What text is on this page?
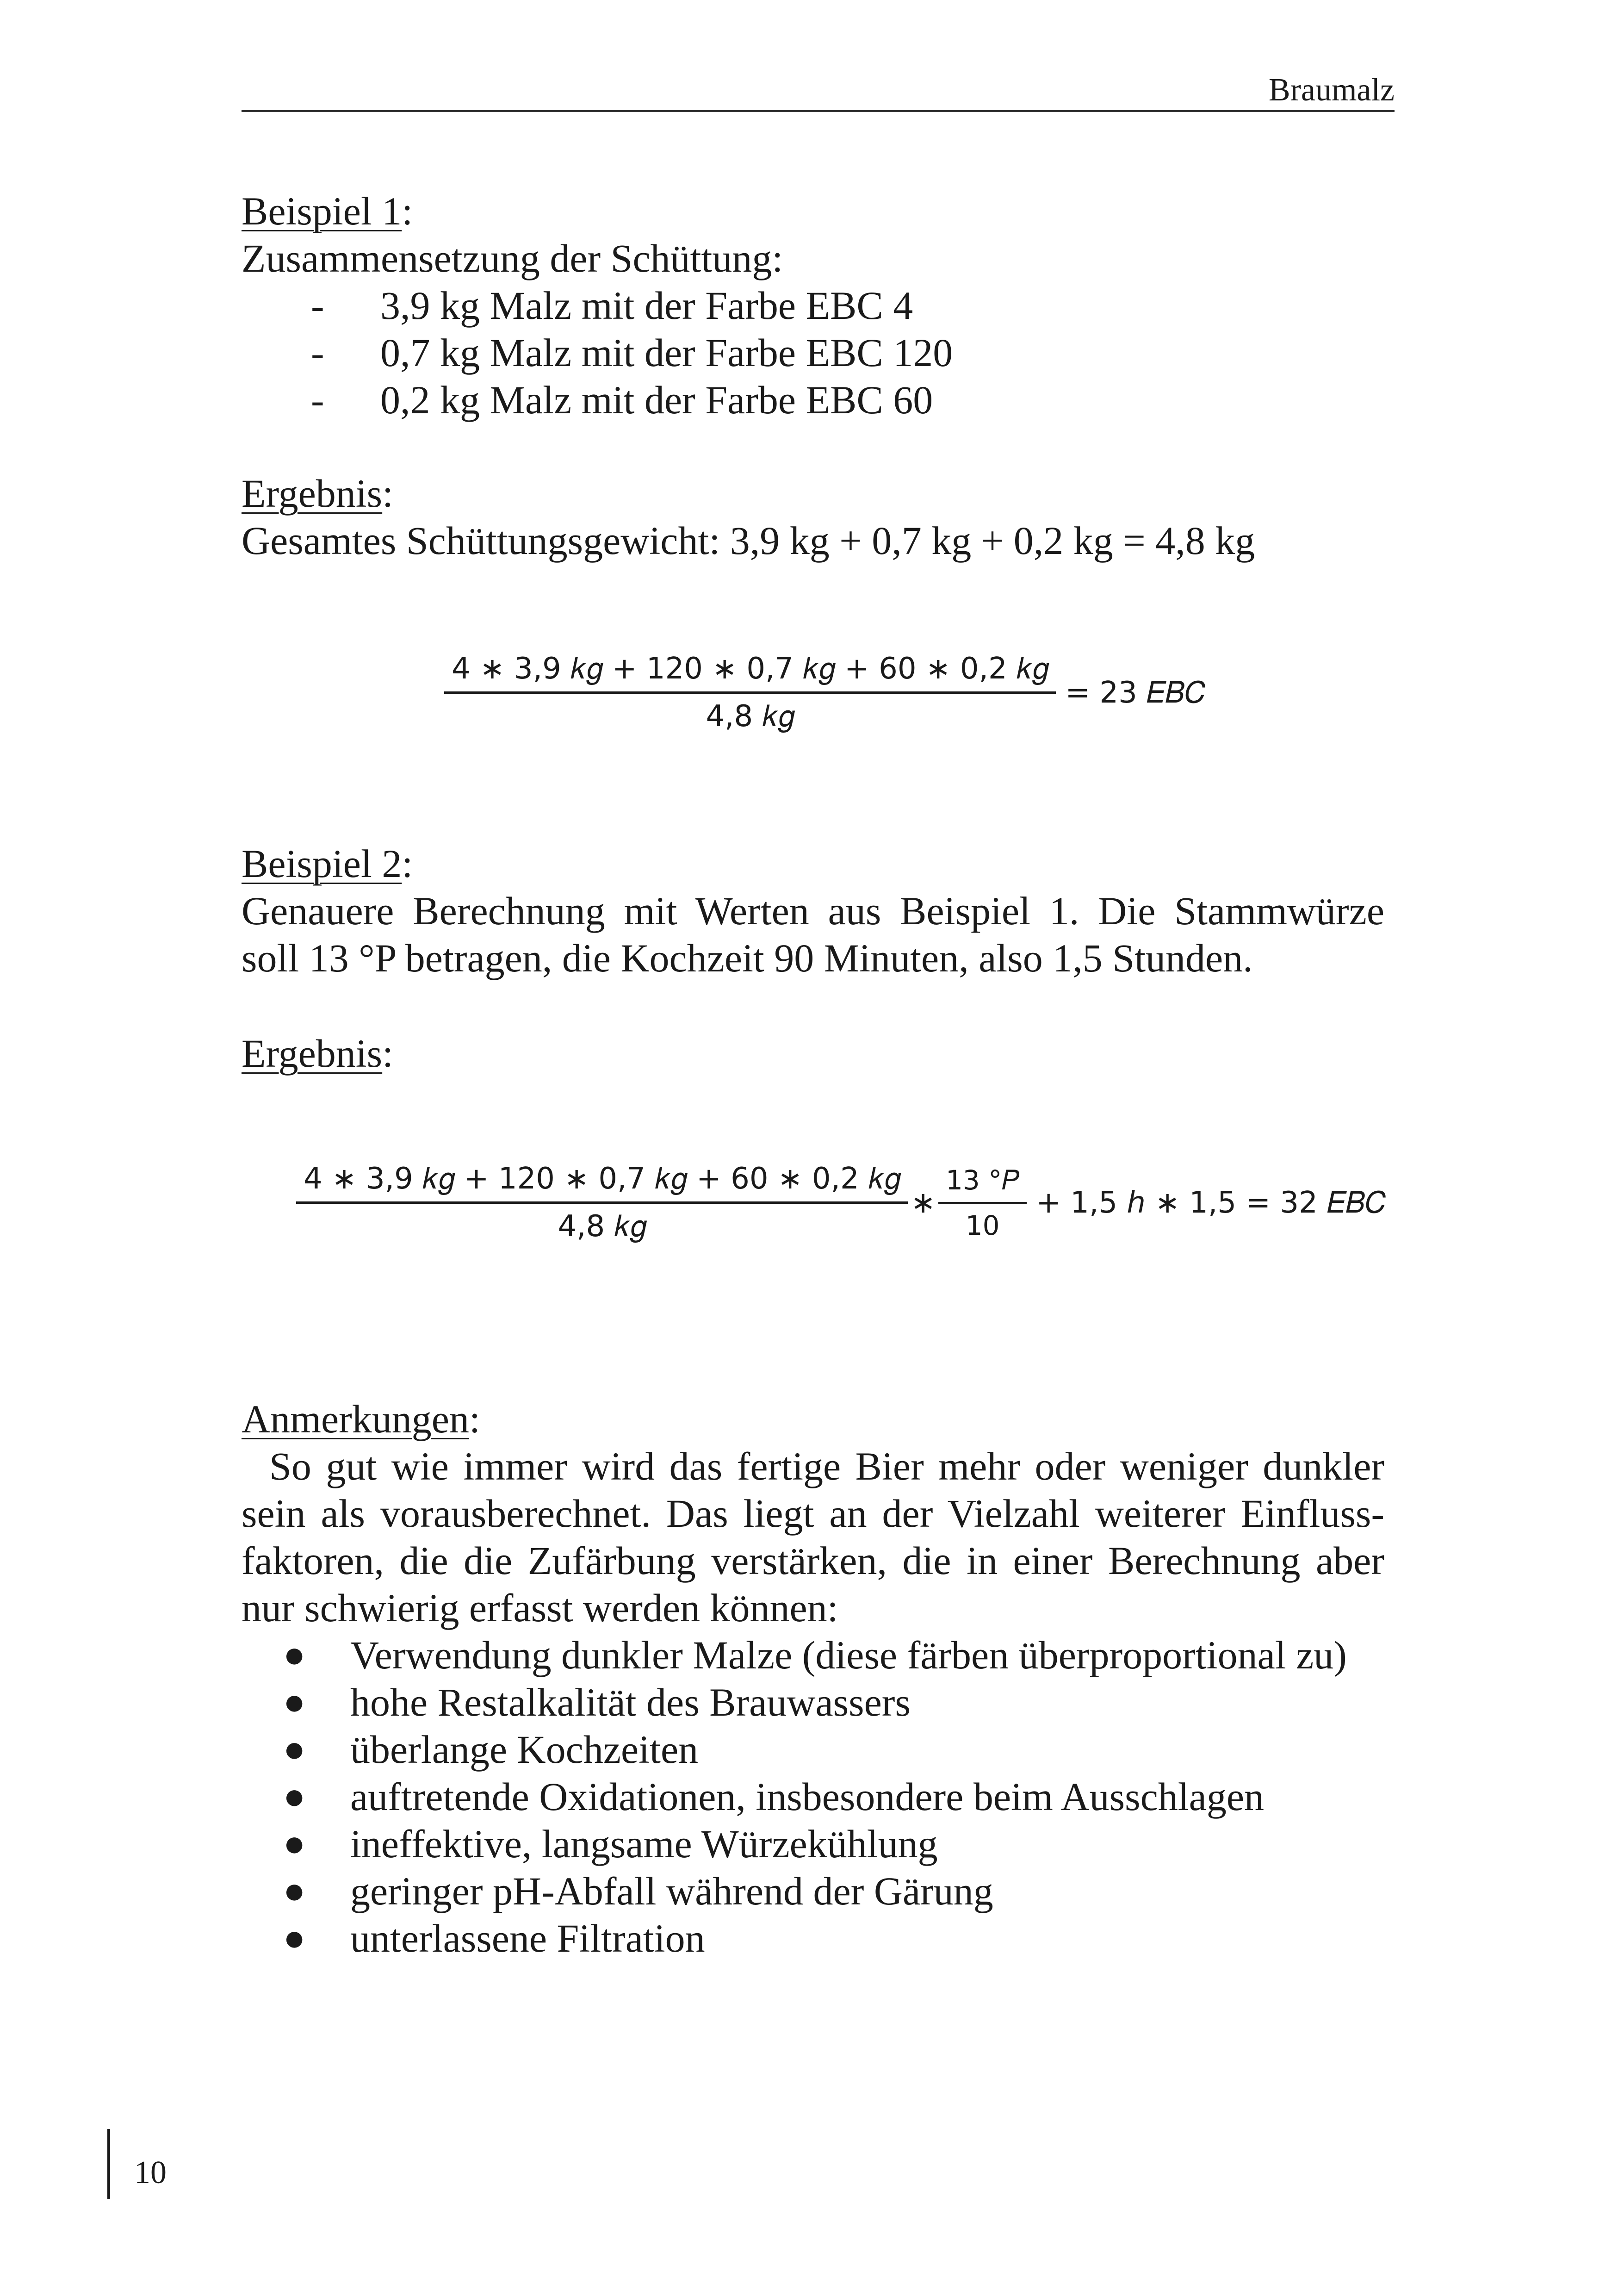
Braumalz
Beispiel 1:
Zusammensetzung der Schüttung:
- 3,9 kg Malz mit der Farbe EBC 4
- 0,7 kg Malz mit der Farbe EBC 120
- 0,2 kg Malz mit der Farbe EBC 60
Ergebnis:
Gesamtes Schüttungsgewicht: 3,9 kg + 0,7 kg + 0,2 kg = 4,8 kg
4 ∗ 3,9 𝑘𝑔 + 120 ∗ 0,7 𝑘𝑔 + 60 ∗ 0,2 𝑘𝑔
4,8 𝑘𝑔
= 23 𝐸𝐵𝐶
Beispiel 2:
Genauere Berechnung mit Werten aus Beispiel 1. Die Stammwürze
soll 13 °P betragen, die Kochzeit 90 Minuten, also 1,5 Stunden.
Ergebnis:
4 ∗ 3,9 𝑘𝑔 + 120 ∗ 0,7 𝑘𝑔 + 60 ∗ 0,2 𝑘𝑔
4,8 𝑘𝑔
∗
13 °𝑃
10
+ 1,5 ℎ ∗ 1,5 = 32 𝐸𝐵𝐶
Anmerkungen:
So gut wie immer wird das fertige Bier mehr oder weniger dunkler
sein als vorausberechnet. Das liegt an der Vielzahl weiterer Einfluss-
faktoren, die die Zufärbung verstärken, die in einer Berechnung aber
nur schwierig erfasst werden können:
● Verwendung dunkler Malze (diese färben überproportional zu)
● hohe Restalkalität des Brauwassers
● überlange Kochzeiten
● auftretende Oxidationen, insbesondere beim Ausschlagen
● ineffektive, langsame Würzekühlung
● geringer pH-Abfall während der Gärung
● unterlassene Filtration
10
